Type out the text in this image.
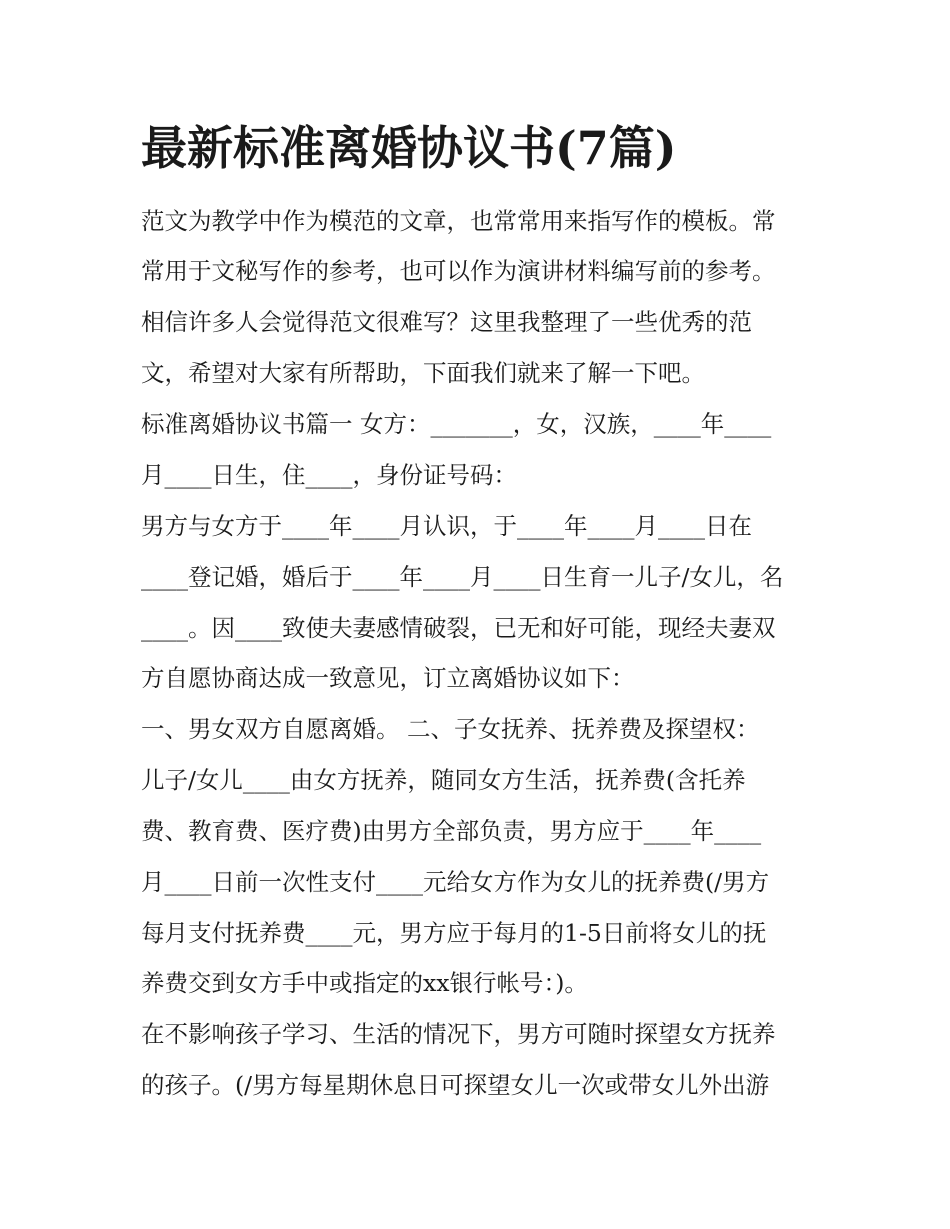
最新标准离婚协议书(7篇)

范文为教学中作为模范的文章，也常常用来指写作的模板。常

常用于文秘写作的参考，也可以作为演讲材料编写前的参考。

相信许多人会觉得范文很难写？这里我整理了一些优秀的范

文，希望对大家有所帮助，下面我们就来了解一下吧。

标准离婚协议书篇一 女方：_______，女，汉族，____年____

月____日生，住____，身份证号码：

男方与女方于____年____月认识，于____年____月____日在

____登记婚，婚后于____年____月____日生育一儿子/女儿，名

____。因____致使夫妻感情破裂，已无和好可能，现经夫妻双

方自愿协商达成一致意见，订立离婚协议如下：

一、男女双方自愿离婚。 二、子女抚养、抚养费及探望权：

儿子/女儿____由女方抚养，随同女方生活，抚养费(含托养

费、教育费、医疗费)由男方全部负责，男方应于____年____

月____日前一次性支付____元给女方作为女儿的抚养费(/男方

每月支付抚养费____元，男方应于每月的1-5日前将女儿的抚

养费交到女方手中或指定的xx银行帐号：)。

在不影响孩子学习、生活的情况下，男方可随时探望女方抚养

的孩子。(/男方每星期休息日可探望女儿一次或带女儿外出游
